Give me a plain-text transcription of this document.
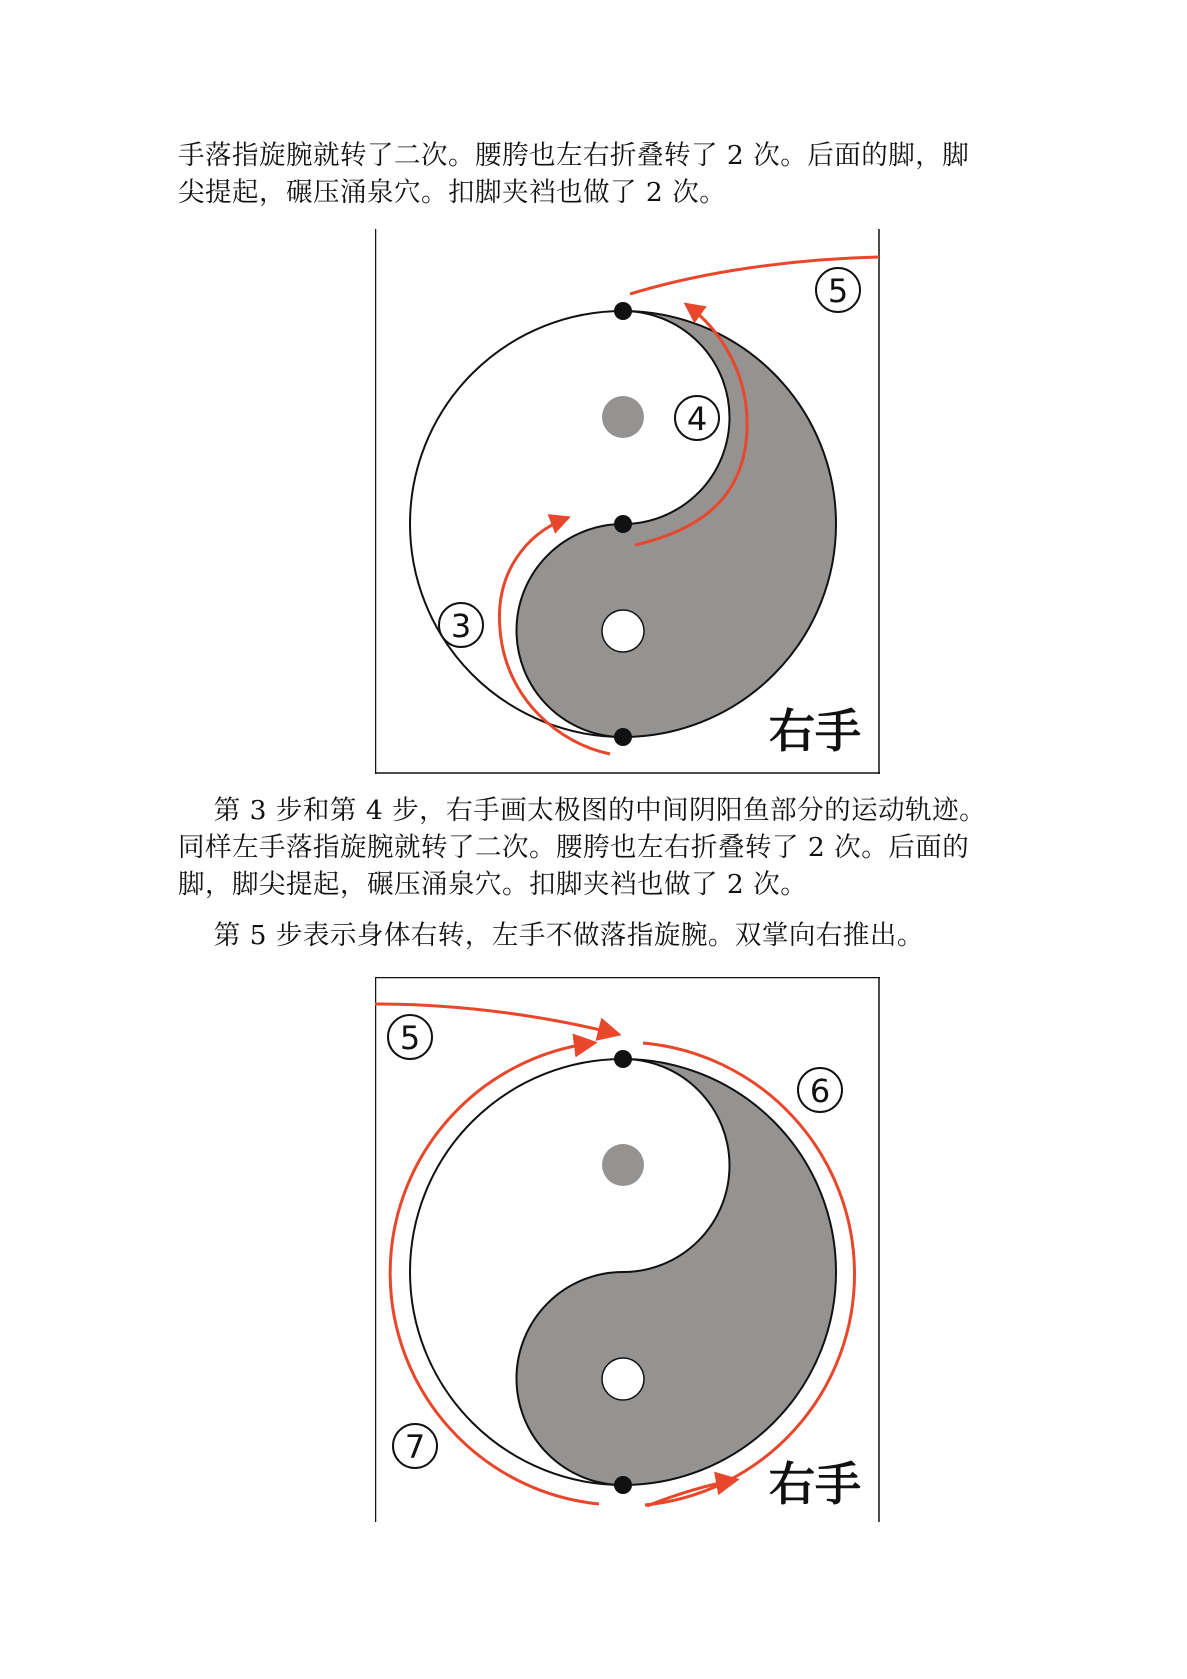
手落指旋腕就转了二次。腰胯也左右折叠转了 2 次。后面的脚，脚

尖提起，碾压涌泉穴。扣脚夹裆也做了 2 次。

5
4
3
右手

第 3 步和第 4 步，右手画太极图的中间阴阳鱼部分的运动轨迹。

同样左手落指旋腕就转了二次。腰胯也左右折叠转了 2 次。后面的

脚，脚尖提起，碾压涌泉穴。扣脚夹裆也做了 2 次。

第 5 步表示身体右转，左手不做落指旋腕。双掌向右推出。

5
6
7
右手
